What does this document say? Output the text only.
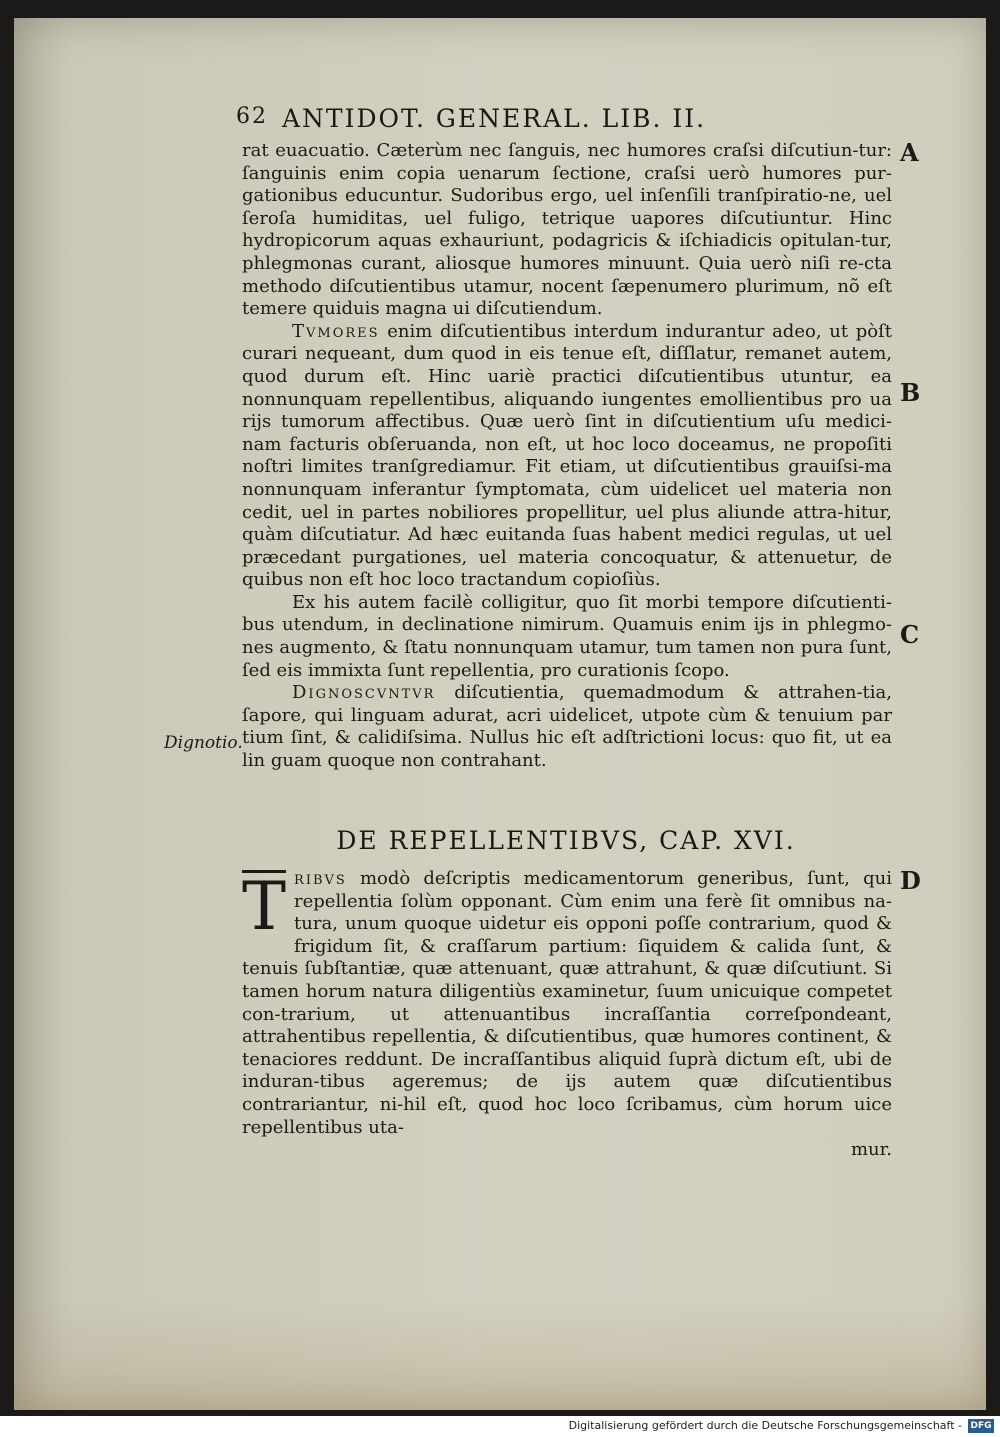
62 ANTIDOT. GENERAL. LIB. II.
A
B
C
D
Dignotio.

rat euacuatio. Cæterùm nec ſanguis, nec humores craſsi diſcutiun-tur: ſanguinis enim copia uenarum ſectione, craſsi uerò humores pur-gationibus educuntur. Sudoribus ergo, uel inſenſili tranſpiratio-ne, uel ſeroſa humiditas, uel fuligo, tetrique uapores diſcutiuntur. Hinc hydropicorum aquas exhauriunt, podagricis & iſchiadicis opitulan-tur, phlegmonas curant, aliosque humores minuunt. Quia uerò niſi re-cta methodo diſcutientibus utamur, nocent ſæpenumero plurimum, nõ eſt temere quiduis magna ui diſcutiendum.

Tvmores enim diſcutientibus interdum indurantur adeo, ut pòſt curari nequeant, dum quod in eis tenue eſt, diſſlatur, remanet autem, quod durum eſt. Hinc uariè practici diſcutientibus utuntur, ea nonnunquam repellentibus, aliquando iungentes emollientibus pro ua rijs tumorum affectibus. Quæ uerò ſint in diſcutientium uſu medici-nam facturis obſeruanda, non eſt, ut hoc loco doceamus, ne propoſiti noſtri limites tranſgrediamur. Fit etiam, ut diſcutientibus grauiſsi-ma nonnunquam inferantur ſymptomata, cùm uidelicet uel materia non cedit, uel in partes nobiliores propellitur, uel plus aliunde attra-hitur, quàm diſcutiatur. Ad hæc euitanda ſuas habent medici regulas, ut uel præcedant purgationes, uel materia concoquatur, & attenuetur, de quibus non eſt hoc loco tractandum copioſiùs.

Ex his autem facilè colligitur, quo ſit morbi tempore diſcutienti-bus utendum, in declinatione nimirum. Quamuis enim ijs in phlegmo-nes augmento, & ſtatu nonnunquam utamur, tum tamen non pura ſunt, ſed eis immixta ſunt repellentia, pro curationis ſcopo.

Dignoscvntvr diſcutientia, quemadmodum & attrahen-tia, ſapore, qui linguam adurat, acri uidelicet, utpote cùm & tenuium par tium ſint, & calidiſsima. Nullus hic eſt adſtrictioni locus: quo fit, ut ea lin guam quoque non contrahant.

DE REPELLENTIBVS, CAP. XVI.

T ribvs modò deſcriptis medicamentorum generibus, ſunt, qui repellentia ſolùm opponant. Cùm enim una ferè ſit omnibus na-tura, unum quoque uidetur eis opponi poſſe contrarium, quod & frigidum ſit, & craſſarum partium: ſiquidem & calida ſunt, & tenuis ſubſtantiæ, quæ attenuant, quæ attrahunt, & quæ diſcutiunt. Si tamen horum natura diligentiùs examinetur, ſuum unicuique competet con-trarium, ut attenuantibus incraſſantia correſpondeant, attrahentibus repellentia, & diſcutientibus, quæ humores continent, & tenaciores reddunt. De incraſſantibus aliquid ſuprà dictum eſt, ubi de induran-tibus ageremus; de ijs autem quæ diſcutientibus contrariantur, ni-hil eſt, quod hoc loco ſcribamus, cùm horum uice repellentibus uta-

mur.

Digitalisierung gefördert durch die Deutsche Forschungsgemeinschaft - DFG
